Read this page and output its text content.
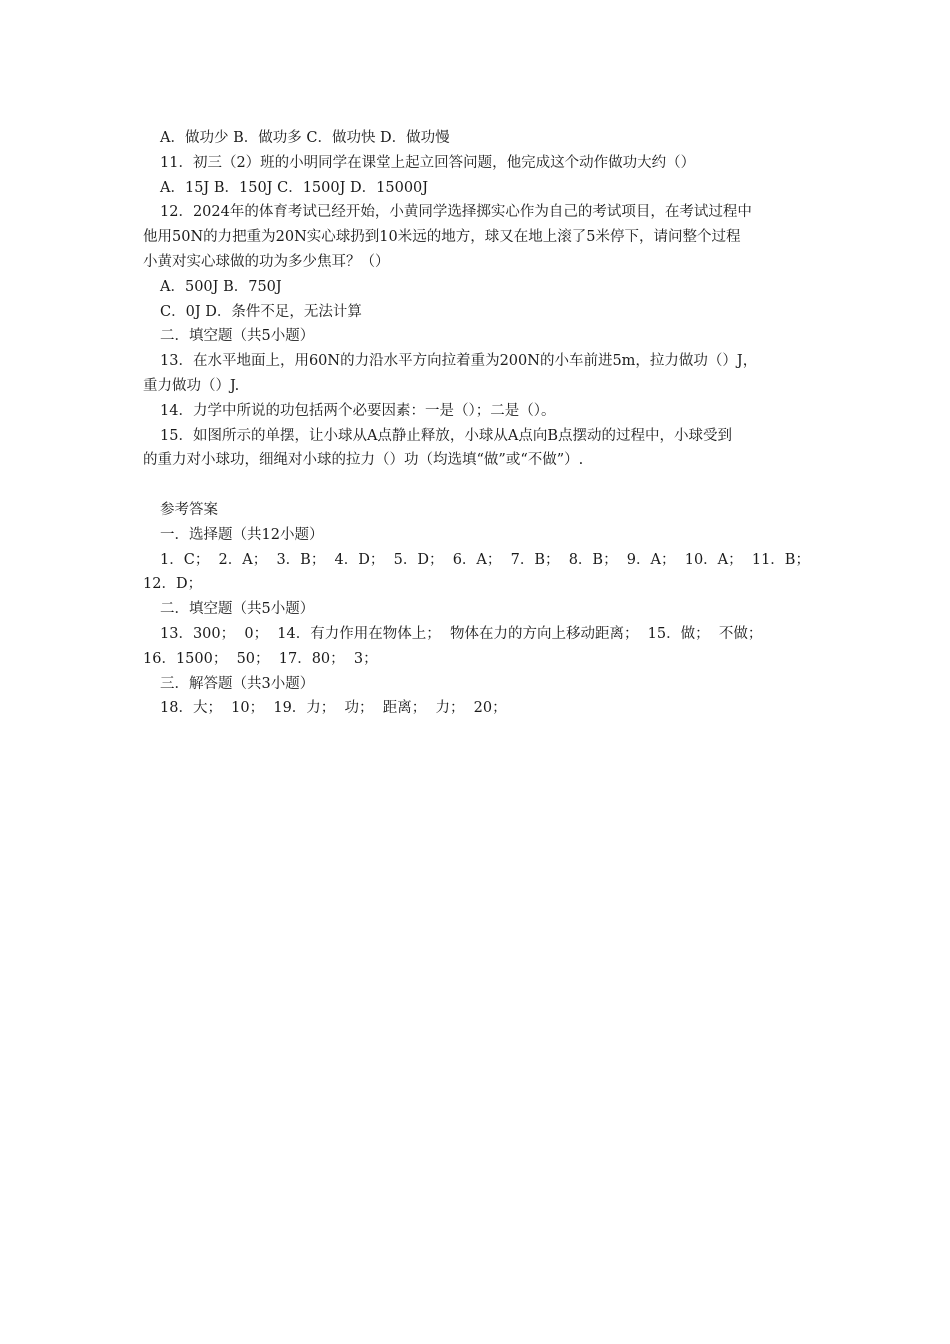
A．做功少 B．做功多 C．做功快 D．做功慢
11．初三（2）班的小明同学在课堂上起立回答问题，他完成这个动作做功大约（）
A．15J B．150J C．1500J D．15000J
12．2024年的体育考试已经开始，小黄同学选择掷实心作为自己的考试项目，在考试过程中
他用50N的力把重为20N实心球扔到10米远的地方，球又在地上滚了5米停下，请问整个过程
小黄对实心球做的功为多少焦耳？（）
A．500J B．750J
C．0J D．条件不足，无法计算
二．填空题（共5小题）
13．在水平地面上，用60N的力沿水平方向拉着重为200N的小车前进5m，拉力做功（）J，
重力做功（）J.
14．力学中所说的功包括两个必要因素：一是（）；二是（）。
15．如图所示的单摆，让小球从A点静止释放，小球从A点向B点摆动的过程中，小球受到
的重力对小球功，细绳对小球的拉力（）功（均选填“做”或“不做”）.
参考答案
一．选择题（共12小题）
1．C；  2．A；  3．B；  4．D；  5．D；  6．A；  7．B；  8．B；  9．A；  10．A；  11．B；
12．D；
二．填空题（共5小题）
13．300；  0；  14．有力作用在物体上；  物体在力的方向上移动距离；  15．做；  不做；
16．1500；  50；  17．80；  3；
三．解答题（共3小题）
18．大；  10；  19．力；  功；  距离；  力；  20；
